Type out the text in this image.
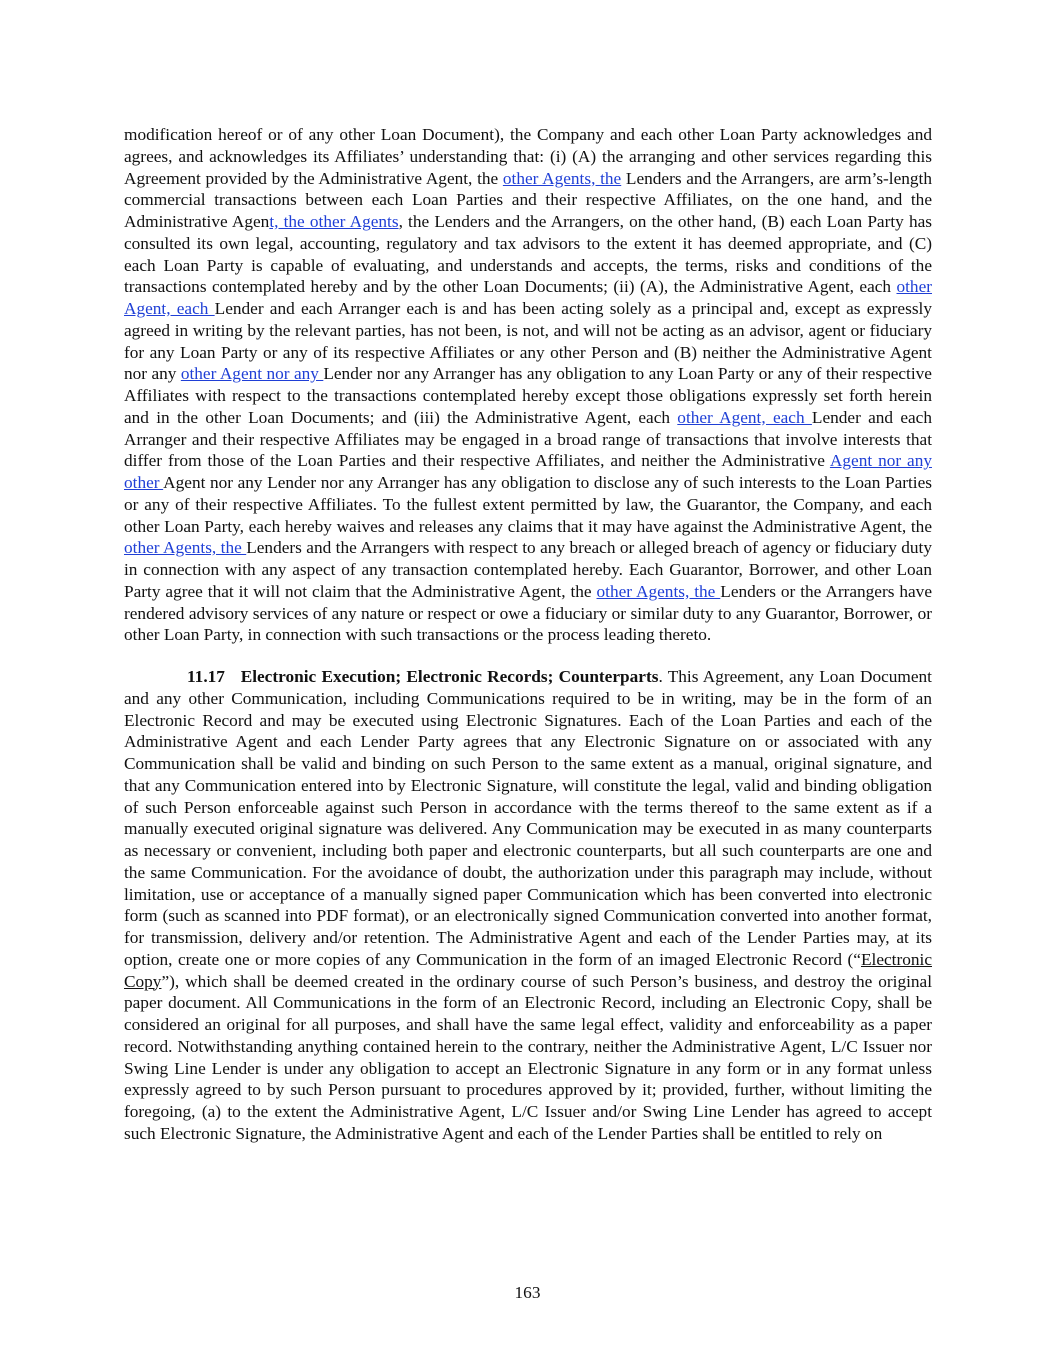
modification hereof or of any other Loan Document), the Company and each other Loan Party acknowledges and agrees, and acknowledges its Affiliates’ understanding that: (i) (A) the arranging and other services regarding this Agreement provided by the Administrative Agent, the other Agents, the Lenders and the Arrangers, are arm’s-length commercial transactions between each Loan Parties and their respective Affiliates, on the one hand, and the Administrative Agent, the other Agents, the Lenders and the Arrangers, on the other hand, (B) each Loan Party has consulted its own legal, accounting, regulatory and tax advisors to the extent it has deemed appropriate, and (C) each Loan Party is capable of evaluating, and understands and accepts, the terms, risks and conditions of the transactions contemplated hereby and by the other Loan Documents; (ii) (A), the Administrative Agent, each other Agent, each Lender and each Arranger each is and has been acting solely as a principal and, except as expressly agreed in writing by the relevant parties, has not been, is not, and will not be acting as an advisor, agent or fiduciary for any Loan Party or any of its respective Affiliates or any other Person and (B) neither the Administrative Agent nor any other Agent nor any Lender nor any Arranger has any obligation to any Loan Party or any of their respective Affiliates with respect to the transactions contemplated hereby except those obligations expressly set forth herein and in the other Loan Documents; and (iii) the Administrative Agent, each other Agent, each Lender and each Arranger and their respective Affiliates may be engaged in a broad range of transactions that involve interests that differ from those of the Loan Parties and their respective Affiliates, and neither the Administrative Agent nor any other Agent nor any Lender nor any Arranger has any obligation to disclose any of such interests to the Loan Parties or any of their respective Affiliates. To the fullest extent permitted by law, the Guarantor, the Company, and each other Loan Party, each hereby waives and releases any claims that it may have against the Administrative Agent, the other Agents, the Lenders and the Arrangers with respect to any breach or alleged breach of agency or fiduciary duty in connection with any aspect of any transaction contemplated hereby. Each Guarantor, Borrower, and other Loan Party agree that it will not claim that the Administrative Agent, the other Agents, the Lenders or the Arrangers have rendered advisory services of any nature or respect or owe a fiduciary or similar duty to any Guarantor, Borrower, or other Loan Party, in connection with such transactions or the process leading thereto.

11.17 Electronic Execution; Electronic Records; Counterparts. This Agreement, any Loan Document and any other Communication, including Communications required to be in writing, may be in the form of an Electronic Record and may be executed using Electronic Signatures. Each of the Loan Parties and each of the Administrative Agent and each Lender Party agrees that any Electronic Signature on or associated with any Communication shall be valid and binding on such Person to the same extent as a manual, original signature, and that any Communication entered into by Electronic Signature, will constitute the legal, valid and binding obligation of such Person enforceable against such Person in accordance with the terms thereof to the same extent as if a manually executed original signature was delivered. Any Communication may be executed in as many counterparts as necessary or convenient, including both paper and electronic counterparts, but all such counterparts are one and the same Communication. For the avoidance of doubt, the authorization under this paragraph may include, without limitation, use or acceptance of a manually signed paper Communication which has been converted into electronic form (such as scanned into PDF format), or an electronically signed Communication converted into another format, for transmission, delivery and/or retention. The Administrative Agent and each of the Lender Parties may, at its option, create one or more copies of any Communication in the form of an imaged Electronic Record (“Electronic Copy”), which shall be deemed created in the ordinary course of such Person’s business, and destroy the original paper document. All Communications in the form of an Electronic Record, including an Electronic Copy, shall be considered an original for all purposes, and shall have the same legal effect, validity and enforceability as a paper record. Notwithstanding anything contained herein to the contrary, neither the Administrative Agent, L/C Issuer nor Swing Line Lender is under any obligation to accept an Electronic Signature in any form or in any format unless expressly agreed to by such Person pursuant to procedures approved by it; provided, further, without limiting the foregoing, (a) to the extent the Administrative Agent, L/C Issuer and/or Swing Line Lender has agreed to accept such Electronic Signature, the Administrative Agent and each of the Lender Parties shall be entitled to rely on

163
